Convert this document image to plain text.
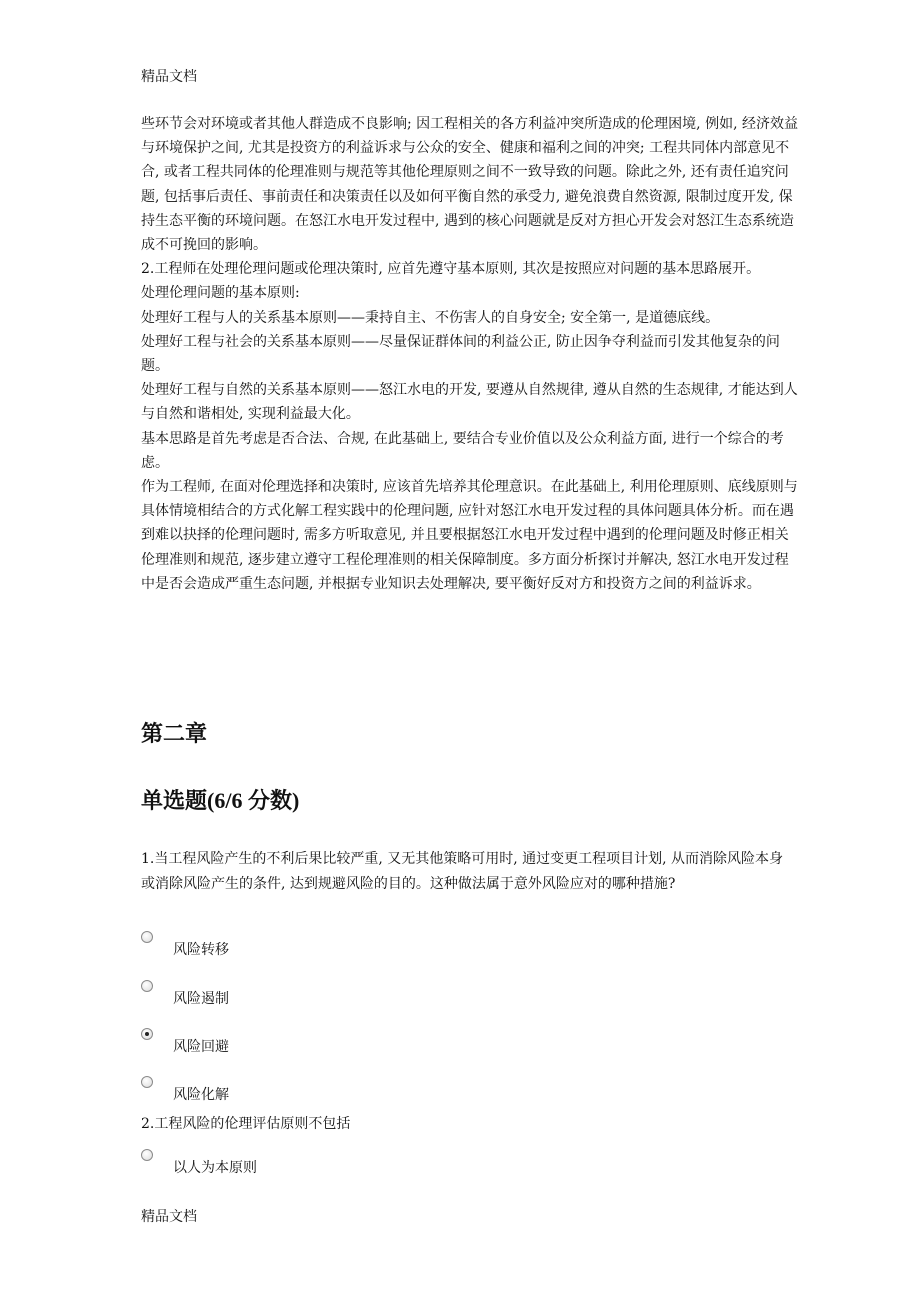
精品文档

些环节会对环境或者其他人群造成不良影响; 因工程相关的各方利益冲突所造成的伦理困境, 例如, 经济效益与环境保护之间, 尤其是投资方的利益诉求与公众的安全、健康和福利之间的冲突; 工程共同体内部意见不合, 或者工程共同体的伦理准则与规范等其他伦理原则之间不一致导致的问题。除此之外, 还有责任追究问题, 包括事后责任、事前责任和决策责任以及如何平衡自然的承受力, 避免浪费自然资源, 限制过度开发, 保持生态平衡的环境问题。在怒江水电开发过程中, 遇到的核心问题就是反对方担心开发会对怒江生态系统造成不可挽回的影响。

2.工程师在处理伦理问题或伦理决策时, 应首先遵守基本原则, 其次是按照应对问题的基本思路展开。

处理伦理问题的基本原则:

处理好工程与人的关系基本原则——秉持自主、不伤害人的自身安全; 安全第一, 是道德底线。

处理好工程与社会的关系基本原则——尽量保证群体间的利益公正, 防止因争夺利益而引发其他复杂的问题。

处理好工程与自然的关系基本原则——怒江水电的开发, 要遵从自然规律, 遵从自然的生态规律, 才能达到人与自然和谐相处, 实现利益最大化。

基本思路是首先考虑是否合法、合规, 在此基础上, 要结合专业价值以及公众利益方面, 进行一个综合的考虑。

作为工程师, 在面对伦理选择和决策时, 应该首先培养其伦理意识。在此基础上, 利用伦理原则、底线原则与具体情境相结合的方式化解工程实践中的伦理问题, 应针对怒江水电开发过程的具体问题具体分析。而在遇到难以抉择的伦理问题时, 需多方听取意见, 并且要根据怒江水电开发过程中遇到的伦理问题及时修正相关伦理准则和规范, 逐步建立遵守工程伦理准则的相关保障制度。多方面分析探讨并解决, 怒江水电开发过程中是否会造成严重生态问题, 并根据专业知识去处理解决, 要平衡好反对方和投资方之间的利益诉求。

第二章
单选题(6/6 分数)

1.当工程风险产生的不利后果比较严重, 又无其他策略可用时, 通过变更工程项目计划, 从而消除风险本身或消除风险产生的条件, 达到规避风险的目的。这种做法属于意外风险应对的哪种措施?

风险转移
风险遏制
风险回避
风险化解

2.工程风险的伦理评估原则不包括

以人为本原则
精品文档
